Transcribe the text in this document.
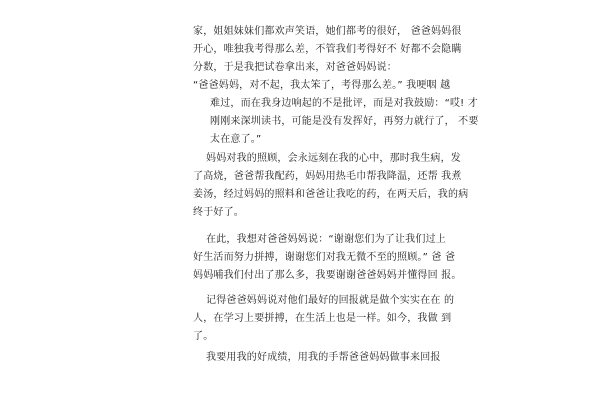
家，姐姐妹妹们都欢声笑语，她们都考的很好， 爸爸妈妈很
开心，唯独我考得那么差，不管我们考得好不 好都不会隐瞒
分数，于是我把试卷拿出来，对爸爸妈妈说：
“爸爸妈妈，对不起，我太笨了，考得那么差。” 我哽咽 越
难过，而在我身边响起的不是批评，而是对我鼓励：“哎! 才
刚刚来深圳读书，可能是没有发挥好，再努力就行了， 不要
太在意了。”
妈妈对我的照顾，会永远刻在我的心中，那时我生病，发
了高烧，爸爸帮我配药，妈妈用热毛巾帮我降温，还帮 我煮
姜汤，经过妈妈的照料和爸爸让我吃的药，在两天后，我的病
终于好了。
在此，我想对爸爸妈妈说：“谢谢您们为了让我们过上
好生活而努力拼搏，谢谢您们对我无微不至的照顾。” 爸 爸
妈妈哺我们付出了那么多，我要谢谢爸爸妈妈并懂得回 报。
记得爸爸妈妈说对他们最好的回报就是做个实实在在 的
人，在学习上要拼搏，在生活上也是一样。如今，我做 到
了。
我要用我的好成绩，用我的手帮爸爸妈妈做事来回报
